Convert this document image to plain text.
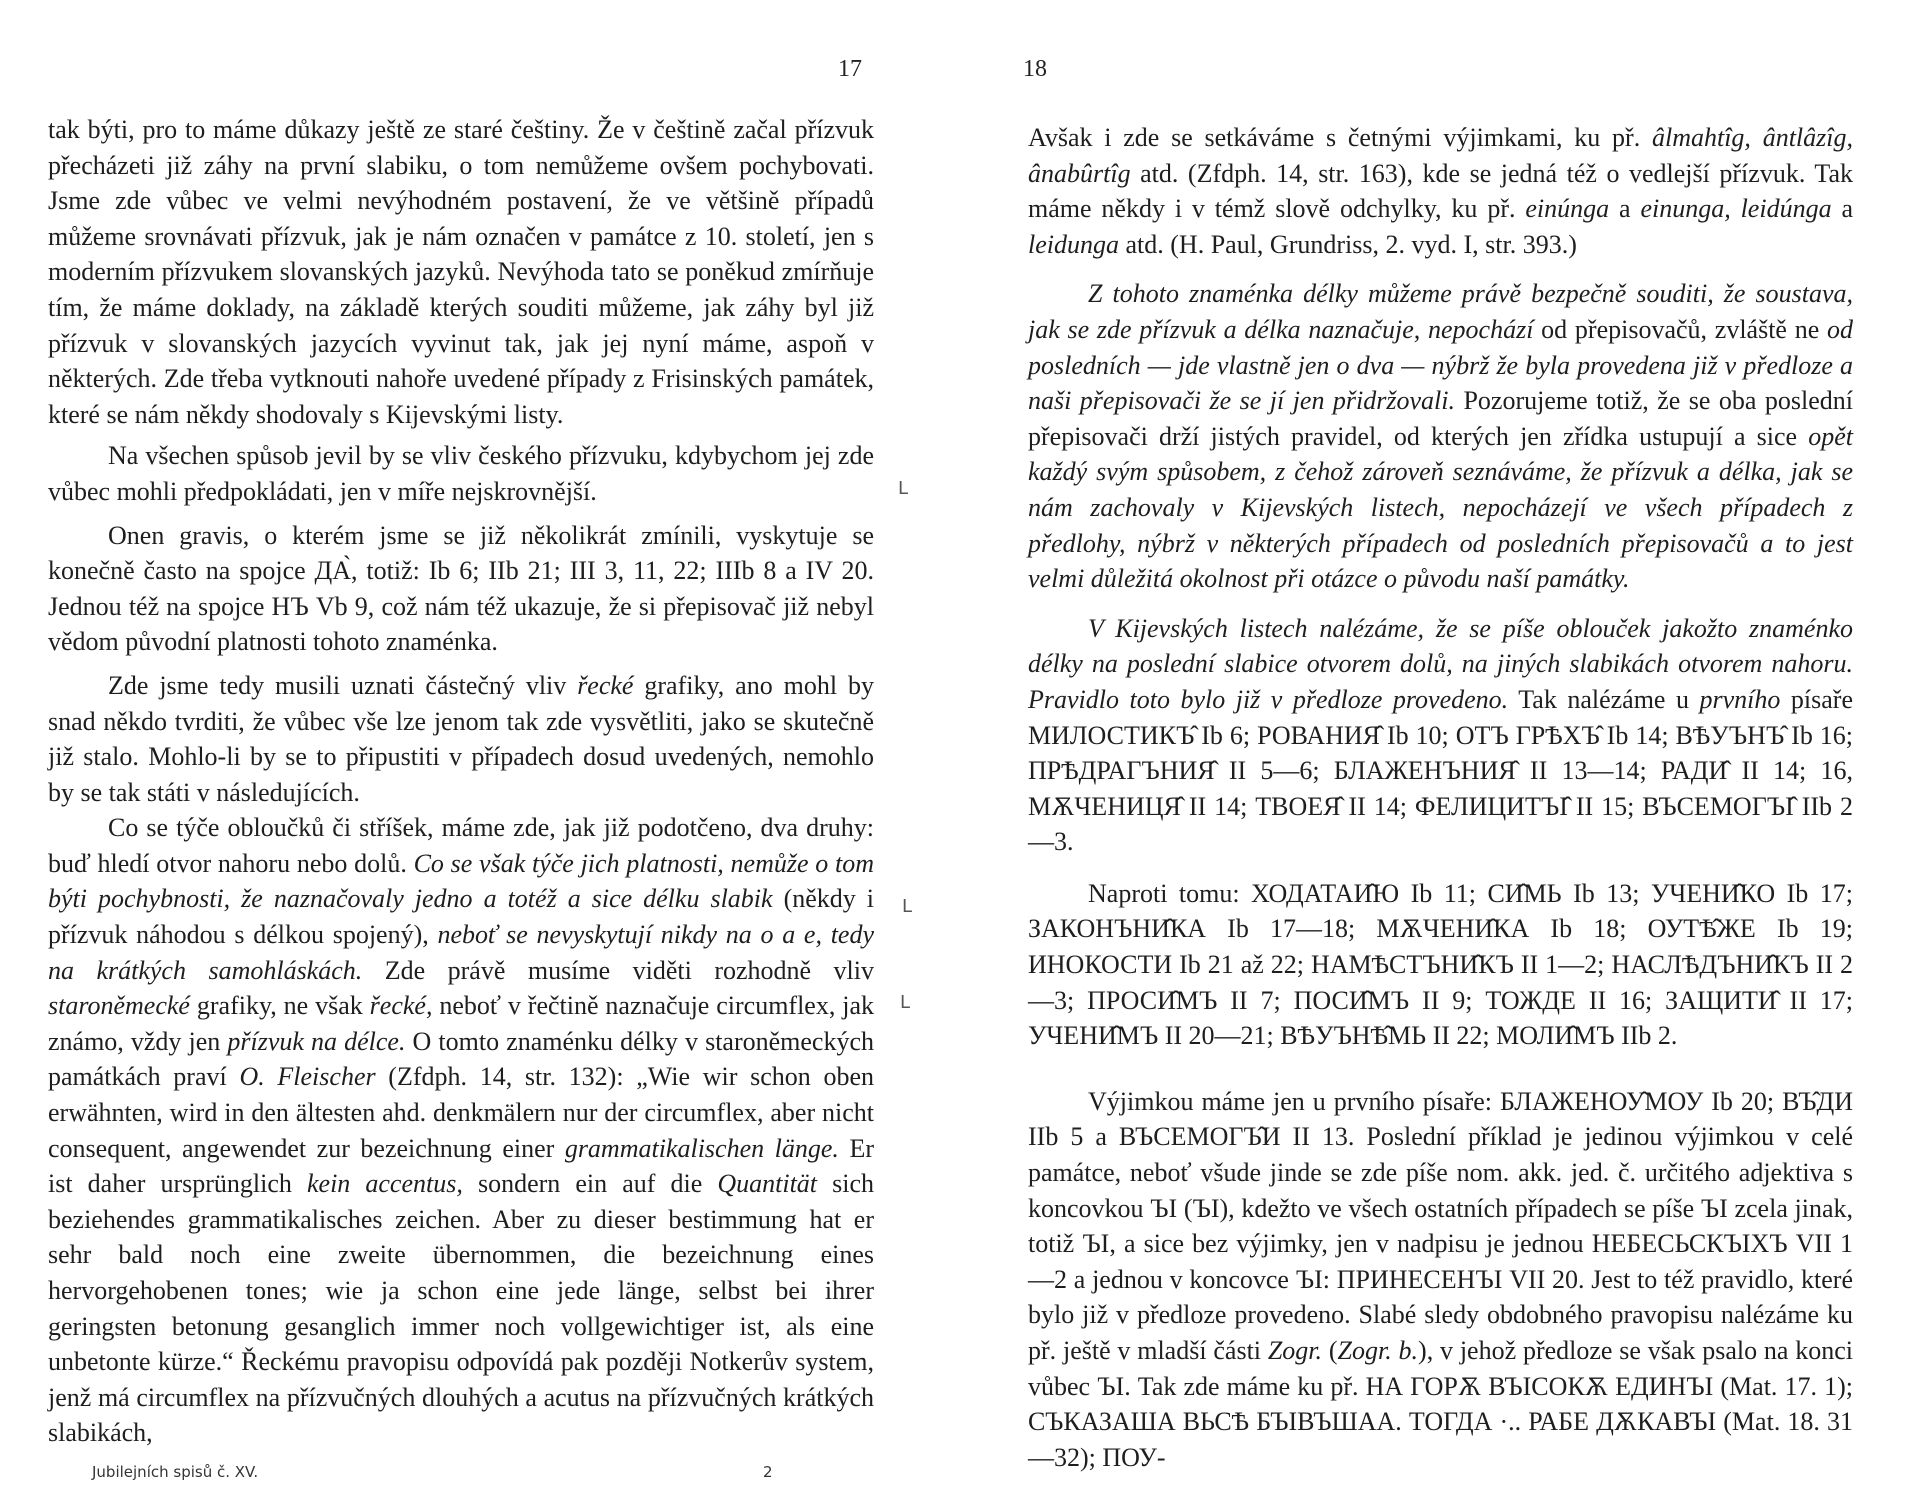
17

tak býti, pro to máme důkazy ještě ze staré češtiny. Že v češtině začal přízvuk přecházeti již záhy na první slabiku, o tom nemůžeme ovšem pochybovati. Jsme zde vůbec ve velmi nevýhodném postavení, že ve většině případů můžeme srovnávati přízvuk, jak je nám označen v památce z 10. století, jen s moderním přízvukem slovanských jazyků. Nevýhoda tato se poněkud zmírňuje tím, že máme doklady, na základě kterých souditi můžeme, jak záhy byl již přízvuk v slovanských jazycích vyvinut tak, jak jej nyní máme, aspoň v některých. Zde třeba vytknouti nahoře uvedené případy z Frisinských památek, které se nám někdy shodovaly s Kijevskými listy.

Na všechen spůsob jevil by se vliv českého přízvuku, kdybychom jej zde vůbec mohli předpokládati, jen v míře nejskrovnější.

Onen gravis, o kterém jsme se již několikrát zmínili, vyskytuje se konečně často na spojce ДА̀, totiž: Ib 6; IIb 21; III 3, 11, 22; IIIb 8 a IV 20. Jednou též na spojce НЪ Vb 9, což nám též ukazuje, že si přepisovač již nebyl vědom původní platnosti tohoto znaménka.

Zde jsme tedy musili uznati částečný vliv řecké grafiky, ano mohl by snad někdo tvrditi, že vůbec vše lze jenom tak zde vysvětliti, jako se skutečně již stalo. Mohlo-li by se to připustiti v případech dosud uvedených, nemohlo by se tak státi v následujících.

Co se týče obloučků či stříšek, máme zde, jak již podotčeno, dva druhy: buď hledí otvor nahoru nebo dolů. Co se však týče jich platnosti, nemůže o tom býti pochybnosti, že naznačovaly jedno a totéž a sice délku slabik (někdy i přízvuk náhodou s délkou spojený), neboť se nevyskytují nikdy na o a e, tedy na krátkých samohláskách. Zde právě musíme viděti rozhodně vliv staroněmecké grafiky, ne však řecké, neboť v řečtině naznačuje circumflex, jak známo, vždy jen přízvuk na délce. O tomto znaménku délky v staroněmeckých památkách praví O. Fleischer (Zfdph. 14, str. 132): „Wie wir schon oben erwähnten, wird in den ältesten ahd. denkmälern nur der circumflex, aber nicht consequent, angewendet zur bezeichnung einer grammatikalischen länge. Er ist daher ursprünglich kein accentus, sondern ein auf die Quantität sich beziehendes grammatikalisches zeichen. Aber zu dieser bestimmung hat er sehr bald noch eine zweite übernommen, die bezeichnung eines hervorgehobenen tones; wie ja schon eine jede länge, selbst bei ihrer geringsten betonung gesanglich immer noch vollgewichtiger ist, als eine unbetonte kürze.“ Řeckému pravopisu odpovídá pak později Notkerův system, jenž má circumflex na přízvučných dlouhých a acutus na přízvučných krátkých slabikách,

ᒪ
ᒪ
ᒪ
Jubilejních spisů č. XV.	2
18

Avšak i zde se setkáváme s četnými výjimkami, ku př. âlmahtîg, ântlâzîg, ânabûrtîg atd. (Zfdph. 14, str. 163), kde se jedná též o vedlejší přízvuk. Tak máme někdy i v témž slově odchylky, ku př. einúnga a einunga, leidúnga a leidunga atd. (H. Paul, Grundriss, 2. vyd. I, str. 393.)

Z tohoto znaménka délky můžeme právě bezpečně souditi, že soustava, jak se zde přízvuk a délka naznačuje, nepochází od přepisovačů, zvláště ne od posledních — jde vlastně jen o dva — nýbrž že byla provedena již v předloze a naši přepisovači že se jí jen přidržovali. Pozorujeme totiž, že se oba poslední přepisovači drží jistých pravidel, od kterých jen zřídka ustupují a sice opět každý svým spůsobem, z čehož zároveň seznáváme, že přízvuk a délka, jak se nám zachovaly v Kijevských listech, nepocházejí ve všech případech z předlohy, nýbrž v některých případech od posledních přepisovačů a to jest velmi důležitá okolnost při otázce o původu naší památky.

V Kijevských listech nalézáme, že se píše oblouček jakožto znaménko délky na poslední slabice otvorem dolů, na jiných slabikách otvorem nahoru. Pravidlo toto bylo již v předloze provedeno. Tak nalézáme u prvního písaře МИЛОСТИКЪ̂ Ib 6; РОВАНИЯ̂ Ib 10; ОТЪ ГРѢХЪ̂ Ib 14; ВѢУЪНЪ̂ Ib 16; ПРѢДРАГЪНИЯ̂ II 5—6; БЛАЖЕНЪНИЯ̂ II 13—14; РАДИ̂ II 14; 16, МѪЧЕНИЦЯ̂ II 14; ТВОЕЯ̂ II 14; ФЕЛИЦИТЪІ̂ II 15; ВЪСЕМОГЪІ̂ IIb 2—3.

Naproti tomu: ХОДАТАИ̂Ю Ib 11; СИ̂МЬ Ib 13; УЧЕНИ̂КО Ib 17; ЗАКОНЪНИ̂КА Ib 17—18; МѪЧЕНИ̂КА Ib 18; ОУТѢ̂ЖЕ Ib 19; ИНОКОСТИ Ib 21 až 22; НАМѢСТЪНИ̂КЪ II 1—2; НАСЛѢДЪНИ̂КЪ II 2—3; ПРОСИ̂МЪ II 7; ПОСИ̂МЪ II 9; ТОЖДЕ II 16; ЗАЩИТИ̂ II 17; УЧЕНИ̂МЪ II 20—21; ВѢУЪНѢ̂МЬ II 22; МОЛИ̂МЪ IIb 2.

Výjimkou máme jen u prvního písaře: БЛАЖЕНОУ̂МОУ Ib 20; ВЪ̂ДИ IIb 5 a ВЪСЕМОГЪ̂И II 13. Poslední příklad je jedinou výjimkou v celé památce, neboť všude jinde se zde píše nom. akk. jed. č. určitého adjektiva s koncovkou ЪІ (ЪІ), kdežto ve všech ostatních případech se píše ЪІ zcela jinak, totiž ЪІ, a sice bez výjimky, jen v nadpisu je jednou НЕБЕСЬСКЪІХЪ VII 1—2 a jednou v koncovce ЪІ: ПРИНЕСЕНЪІ VII 20. Jest to též pravidlo, které bylo již v předloze provedeno. Slabé sledy obdobného pravopisu nalézáme ku př. ještě v mladší části Zogr. (Zogr. b.), v jehož předloze se však psalo na konci vůbec ЪІ. Tak zde máme ku př. НА ГОРѪ ВЪІСОКѪ ЕДИНЪІ (Mat. 17. 1); СЪКАЗАША ВЬСѢ БЪІВЪШАА. ТОГДА ·.. РАБЕ ДѪКАВЪІ (Mat. 18. 31—32); ПОУ-
